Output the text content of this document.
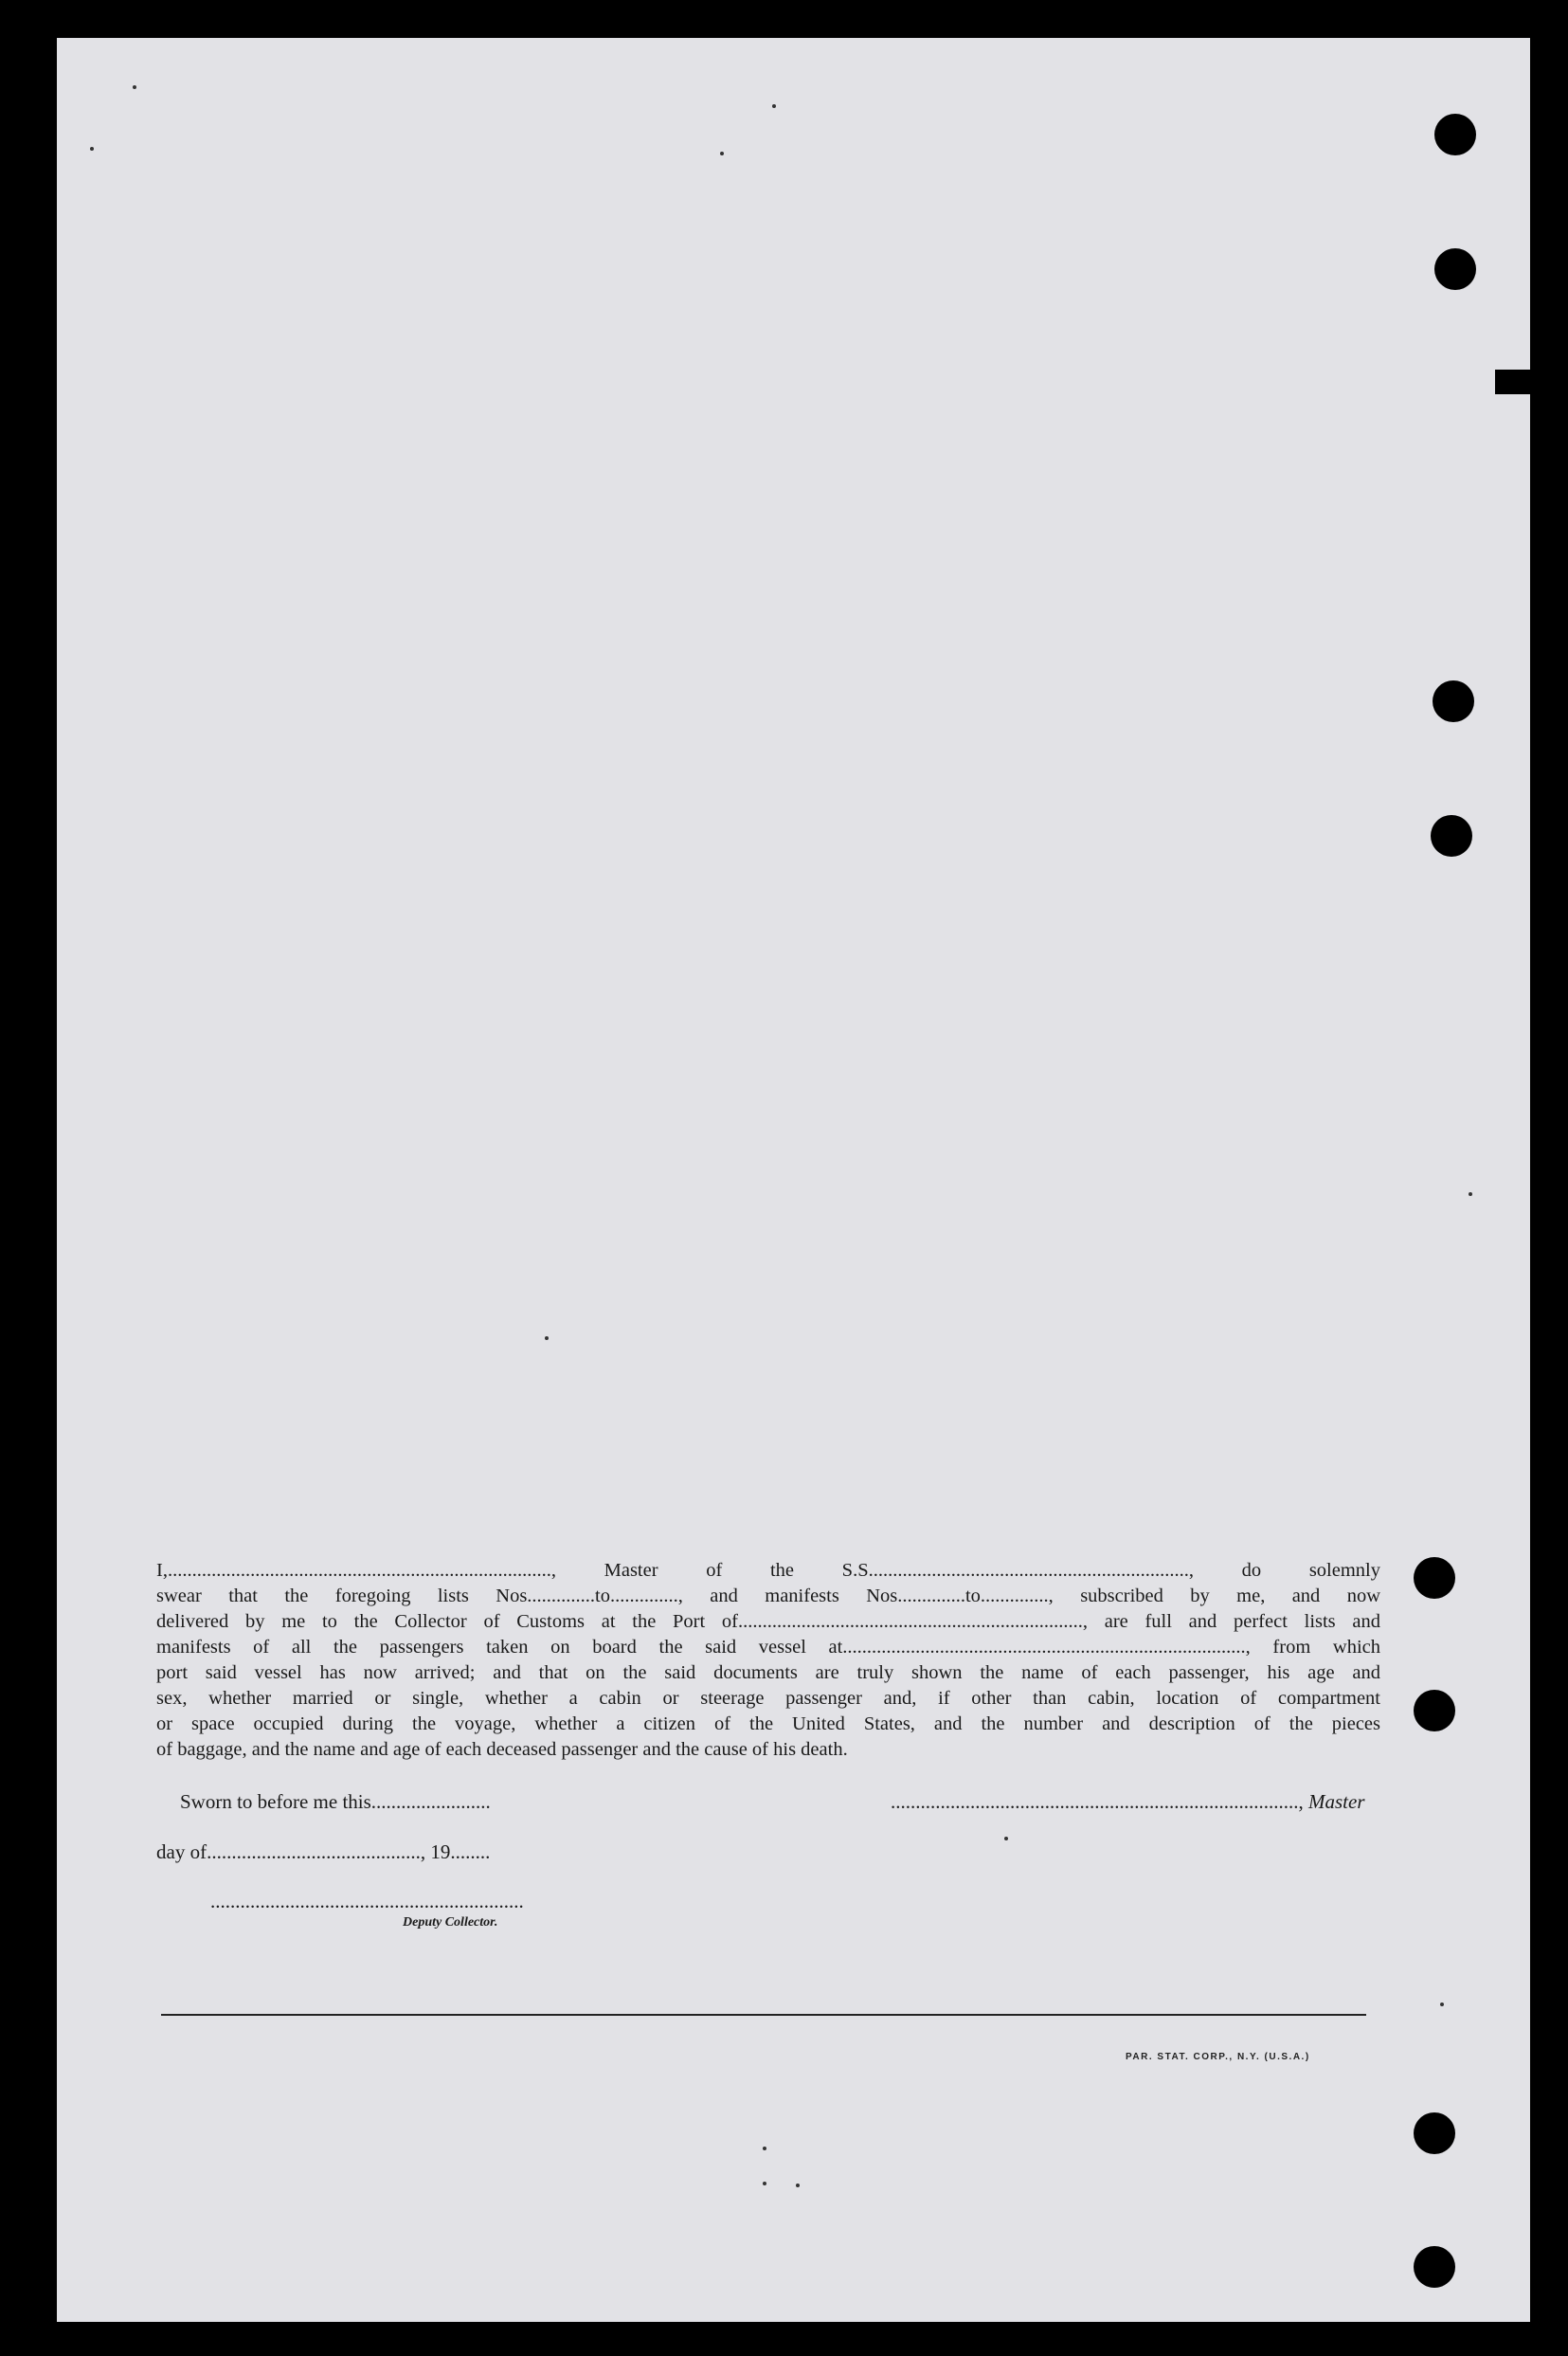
I,..............................................................................., Master of the S.S.................................................................., do solemnly
swear that the foregoing lists Nos..............to.............., and manifests Nos..............to.............., subscribed by me, and now
delivered by me to the Collector of Customs at the Port of......................................................................., are full and perfect lists and
manifests of all the passengers taken on board the said vessel at..................................................................................., from which
port said vessel has now arrived; and that on the said documents are truly shown the name of each passenger, his age and
sex, whether married or single, whether a cabin or steerage passenger and, if other than cabin, location of compartment
or space occupied during the voyage, whether a citizen of the United States, and the number and description of the pieces
of baggage, and the name and age of each deceased passenger and the cause of his death.
Sworn to before me this........................	.................................................................................., Master
day of..........................................., 19........
...............................................................
Deputy Collector.
PAR. STAT. CORP., N.Y. (U.S.A.)
